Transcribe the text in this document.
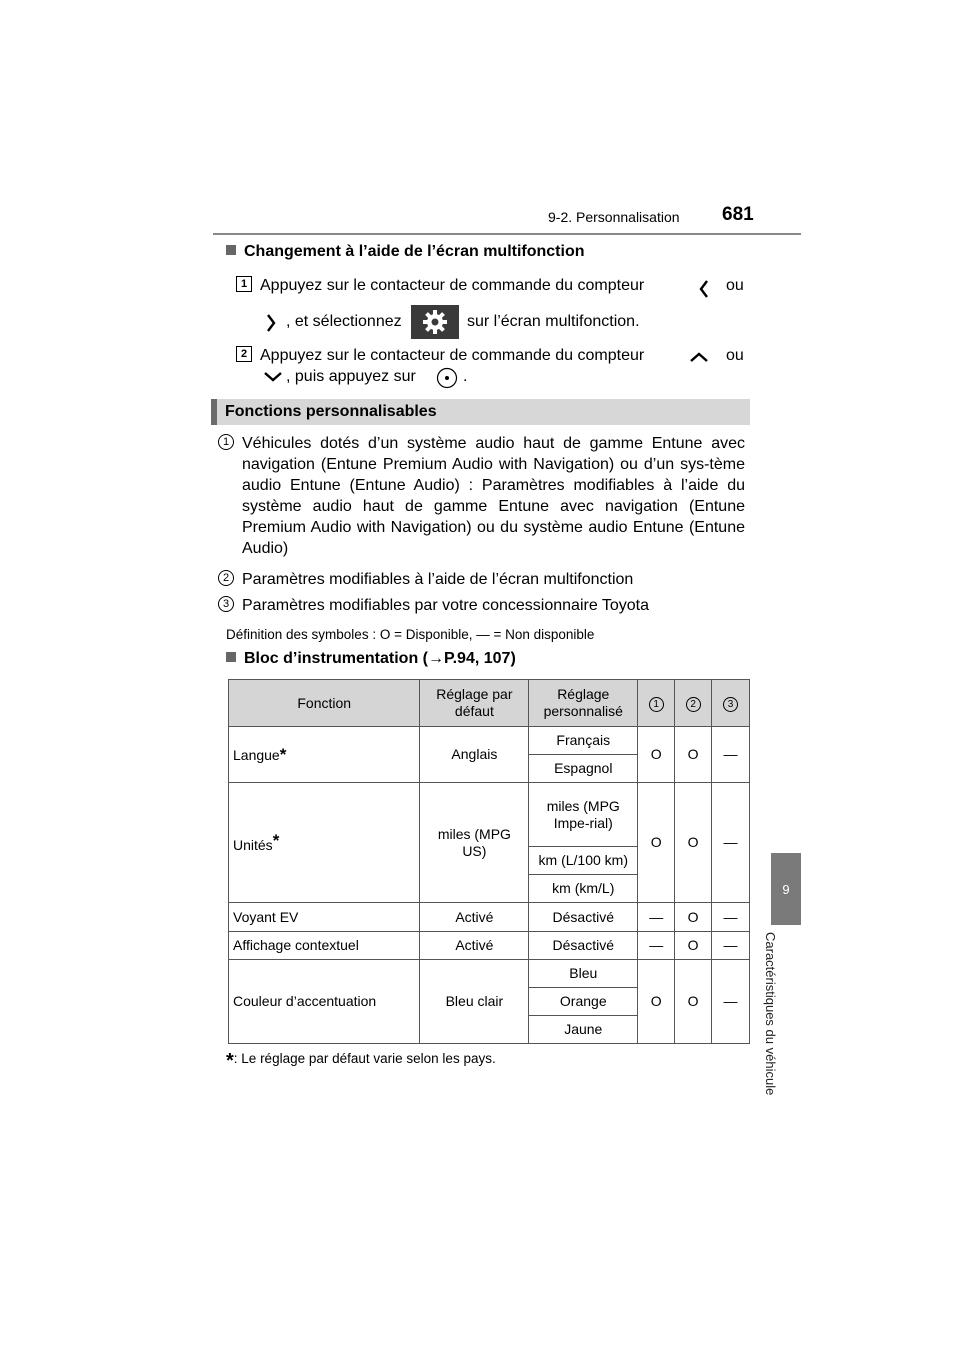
9-2. Personnalisation 681
9
Caractéristiques du véhicule
Changement à l’aide de l’écran multifonction
1 Appuyez sur le contacteur de commande du compteur	ou
, et sélectionnez	sur l’écran multifonction.
2 Appuyez sur le contacteur de commande du compteur	ou
, puis appuyez sur	.
Fonctions personnalisables
1 Véhicules dotés d’un système audio haut de gamme Entune avec navigation (Entune Premium Audio with Navigation) ou d’un sys-tème audio Entune (Entune Audio) : Paramètres modifiables à l’aide du système audio haut de gamme Entune avec navigation (Entune Premium Audio with Navigation) ou du système audio Entune (Entune Audio)
2 Paramètres modifiables à l’aide de l’écran multifonction
3 Paramètres modifiables par votre concessionnaire Toyota
Définition des symboles : O = Disponible, — = Non disponible
Bloc d’instrumentation (→P.94, 107)
Fonction	Réglage par défaut	Réglage personnalisé	1	2	3
Langue*	Anglais	Français	O	O	—
		Espagnol			
Unités*	miles (MPG US)	miles (MPG Impe-rial)	O	O	—
		km (L/100 km)			
		km (km/L)			
Voyant EV	Activé	Désactivé	—	O	—
Affichage contextuel	Activé	Désactivé	—	O	—
Couleur d’accentuation	Bleu clair	Bleu	O	O	—
		Orange			
		Jaune			
*: Le réglage par défaut varie selon les pays.
